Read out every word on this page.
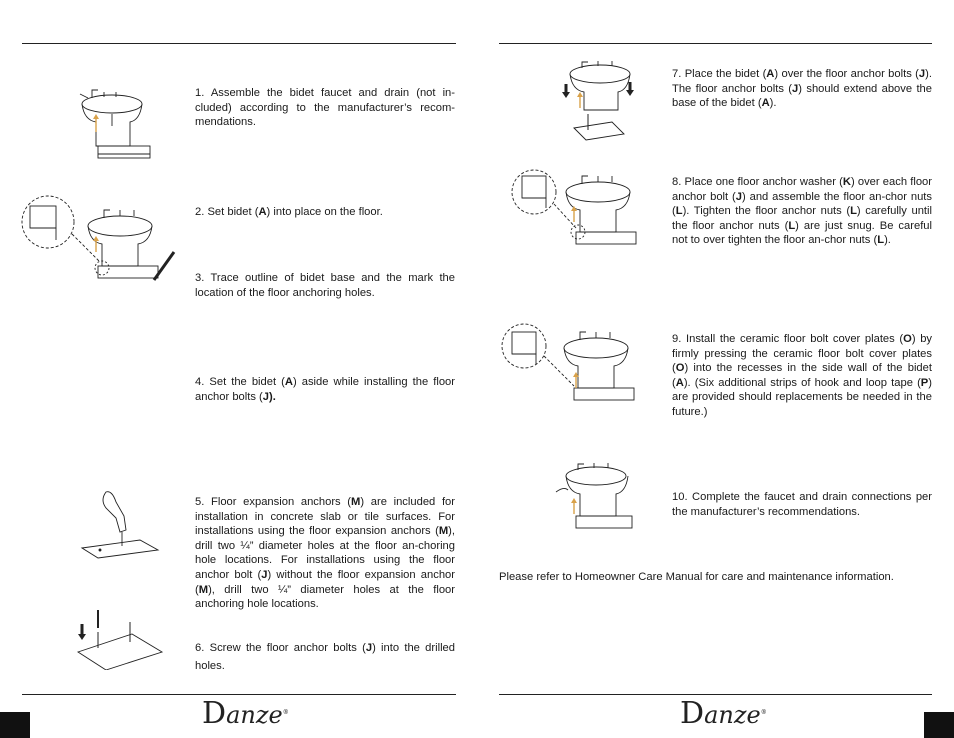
1. Assemble the bidet faucet and drain (not in-cluded) according to the manufacturer’s recom-mendations.
2. Set bidet (A) into place on the floor.
3. Trace outline of bidet base and the mark the location of the floor anchoring holes.
4. Set the bidet (A) aside while installing the floor anchor bolts (J).
5. Floor expansion anchors (M) are included for installation in concrete slab or tile surfaces. For installations using the floor expansion anchors (M), drill two ¼” diameter holes at the floor an-choring hole locations. For installations using the floor anchor bolt (J) without the floor expansion anchor (M), drill two ¼” diameter holes at the floor anchoring hole locations.
6. Screw the floor anchor bolts (J) into the drilled holes.
7. Place the bidet (A) over the floor anchor bolts (J). The floor anchor bolts (J) should extend above the base of the bidet (A).
8. Place one floor anchor washer (K) over each floor anchor bolt (J) and assemble the floor an-chor nuts (L). Tighten the floor anchor nuts (L) carefully until the floor anchor nuts (L) are just snug. Be careful not to over tighten the floor an-chor nuts (L).
9. Install the ceramic floor bolt cover plates (O) by firmly pressing the ceramic floor bolt cover plates (O) into the recesses in the side wall of the bidet (A). (Six additional strips of hook and loop tape (P) are provided should replacements be needed in the future.)
10. Complete the faucet and drain connections per the manufacturer’s recommendations.
Please refer to Homeowner Care Manual for care and maintenance information.
Danze®	Danze®
